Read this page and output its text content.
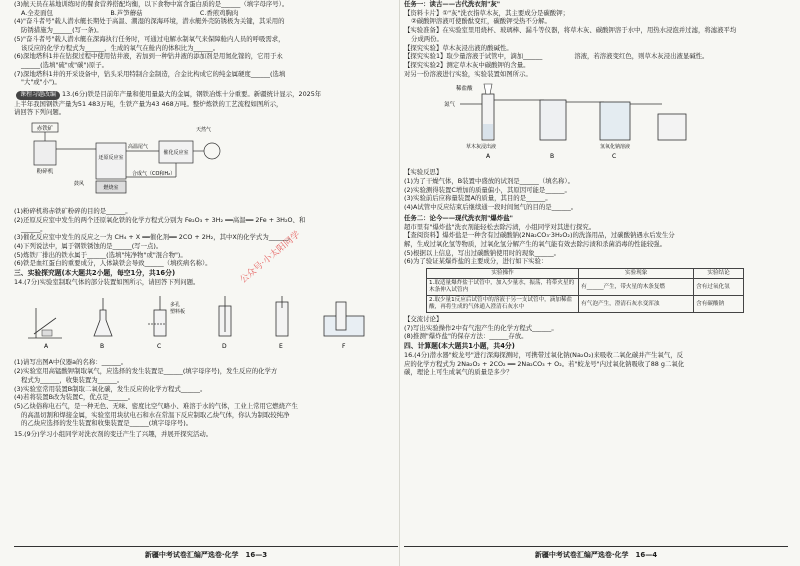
(3)航天员在基地训练时的餐食营养搭配均衡，以下食物中富含蛋白质的是______（填字母序号）。

A.全麦面包　　　　　　　　　B.芦笋蘑菇　　　　　　　　　C.香煎鸡胸肉

(4)"奋斗者号"载人潜水艇长期处于高温、潮湿的深海环境，潜水艇外壳防锈极为关键，其采用的

防锈措施为______(写一条)。

(5)"奋斗者号"载人潜水艇在深海执行任务时，可通过电解水制氧气来保障舱内人员的呼吸需求，

该反应的化学方程式为______，生成的氧气在舱内的体积比为______。

(6)深地塔科1井在钻探过程中使用钻井液，若加到一种钻井液的添加剂是用氮化镓的，它用于永

______(选填"硫"或"碳")原子。

(7)深地塔科1井的开采设备中，钻头采用特制合金制造，合金比构成它的纯金属硬度______(选填

"大"或"小")。

课程习题改编 13.(6分)铁是目前年产量和使用量最大的金属，钢铁冶炼十分重要。新疆统计显示，2025年

上半年我国钢铁产量为51 483万吨，生铁产量为43 468万吨。整炉炼铁的工艺流程如图所示，

请回答下列问题。

赤铁矿
粉碎机
还原反应室
燃烧室
鼓风
高温尾气
催化反应室
天然气
合成气（CO和H₂）

(1)粉碎机将赤铁矿粉碎的目的是______。

(2)还原反应室中发生的两个还原氧化铁的化学方程式分别为 Fe₂O₃ + 3H₂ ══高温══ 2Fe + 3H₂O、和

______。

(3)催化反应室中发生的反应之一为 CH₄ + X ══催化剂══ 2CO + 2H₂，其中X的化学式为______。

(4)下列说法中，属于钢铁锈蚀的是______(写一点)。

(5)炼铁厂排出的铁水属于______(选填"纯净物"或"混合物")。

(6)铁是血红蛋白的重要成分，人体缺铁会导致______（填疾病名称）。

三、实验探究题(本大题共2小题，每空1分，共16分)

14.(7分)实验室制取气体的部分装置如图所示，请回答下列问题。

A	B
多孔
塑料板
C	D	E	F

(1)请写出图A中仪器a的名称：______。

(2)实验室用高锰酸钾制取氧气，应选择的发生装置是______(填字母序号)，发生反应的化学方

程式为______，收集装置为______。

(3)实验室常用装置B制取二氧化碳，发生反应的化学方程式______。

(4)若将装置B改为装置C，优点是______。

(5)乙炔俗称电石气，是一种无色、无味、密度比空气略小、难溶于水的气体，工业上常用它燃烧产生

的高温切割和焊接金属，实验室用块状电石和水在常温下反应制取乙炔气体，你认为制取较纯净

的乙炔应选择的发生装置和收集装置是______(填字母序号)。

15.(9分)学习小组同学对洗衣剂的变迁产生了兴趣，并展开探究活动。

新疆中考试卷汇编严选卷·化学　16—3

任务一：读古——古代洗衣剂"灰"

【资料卡片】①"灰"洗衣指草木灰，其主要成分是碳酸钾；

②碳酸钾溶液可使酚酞变红，碳酸钾受热不分解。

【实验准备】在实验室里用烧杯、玻璃棒、漏斗等仪器，将草木灰、碳酸钾溶于水中，用热水浸泡并过滤，将滤液平均

分成两份。

【探究实验】草木灰浸出液的酸碱性。

【探究实验1】取少量溶液于试管中，滴加______　　　　　溶液，若溶液变红色，则草木灰浸出液显碱性。

【探究实验2】测定草木灰中碳酸钾的含量。

对另一份溶液进行实验，实验装置如图所示。

稀盐酸
氮气
草木灰浸出液	氢氧化钠溶液
A	B	C

【实验反思】

(1)为了干燥气体，B装置中盛放的试剂是______（填名称）。

(2)实验测得装置C增加的质量偏小，其原因可能是______。

(3)实验前后应称量装置A的质量，其目的是______。

(4)A试管中反应结束后继续通一段时间氮气的目的是______。

任务二：论今——现代洗衣剂"爆炸盐"

超市里有"爆炸盐"洗衣剂能轻松去除污渍，小组同学对其进行探究。

【查阅资料】爆炸盐是一种含有过碳酸钠(2Na₂CO₃·3H₂O₂)的洗涤用品，过碳酸钠遇水后发生分

解，生成过氧化氢等物质，过氧化氢分解产生的氧气能有效去除污渍和杀菌消毒的性能较强。

(5)根据以上信息，写出过碳酸钠使用时的现象______。

(6)为了验证某爆炸盐的主要成分，进行如下实验：

实验操作	实验现象	实验结论
1.取适量爆炸盐于试管中，加入少量水，振荡，将带火星的木条伸入试管内	有______产生，带火星的木条复燃	含有过氧化氢
2.取少量1反应后试管中的溶液于另一支试管中，滴加稀盐酸，再将生成的气体通入澄清石灰水中	有气泡产生，澄清石灰水变浑浊	含有碳酸钠

【交流讨论】

(7)写出实验操作2中有气泡产生的化学方程式______。

(8)推测"爆炸盐"的保存方法：______存放。

四、计算题(本大题共1小题，共4分)

16.(4分)潜水器"蛟龙号"进行深海探测时，可携带过氧化钠(Na₂O₂)来吸收二氧化碳并产生氧气，反

应的化学方程式为 2Na₂O₂ + 2CO₂ ══ 2Na₂CO₃ + O₂。若"蛟龙号"内过氧化钠吸收了88 g二氧化

碳，理论上可生成氧气的质量是多少？

新疆中考试卷汇编严选卷·化学　16—4
公众号·小太阳同学
